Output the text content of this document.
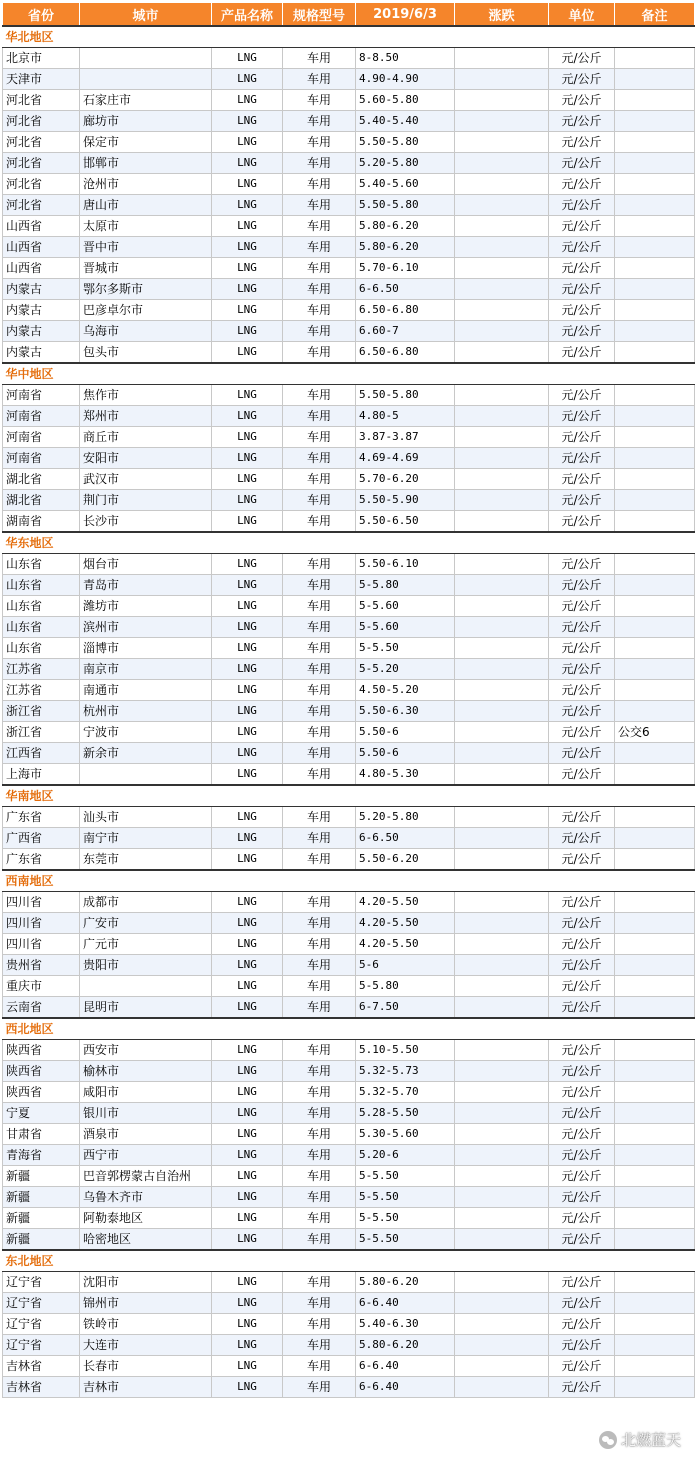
省份	城市	产品名称	规格型号	2019/6/3	涨跌	单位	备注
华北地区							
北京市		LNG	车用	8-8.50		元/公斤	
天津市		LNG	车用	4.90-4.90		元/公斤	
河北省	石家庄市	LNG	车用	5.60-5.80		元/公斤	
河北省	廊坊市	LNG	车用	5.40-5.40		元/公斤	
河北省	保定市	LNG	车用	5.50-5.80		元/公斤	
河北省	邯郸市	LNG	车用	5.20-5.80		元/公斤	
河北省	沧州市	LNG	车用	5.40-5.60		元/公斤	
河北省	唐山市	LNG	车用	5.50-5.80		元/公斤	
山西省	太原市	LNG	车用	5.80-6.20		元/公斤	
山西省	晋中市	LNG	车用	5.80-6.20		元/公斤	
山西省	晋城市	LNG	车用	5.70-6.10		元/公斤	
内蒙古	鄂尔多斯市	LNG	车用	6-6.50		元/公斤	
内蒙古	巴彦卓尔市	LNG	车用	6.50-6.80		元/公斤	
内蒙古	乌海市	LNG	车用	6.60-7		元/公斤	
内蒙古	包头市	LNG	车用	6.50-6.80		元/公斤	
华中地区							
河南省	焦作市	LNG	车用	5.50-5.80		元/公斤	
河南省	郑州市	LNG	车用	4.80-5		元/公斤	
河南省	商丘市	LNG	车用	3.87-3.87		元/公斤	
河南省	安阳市	LNG	车用	4.69-4.69		元/公斤	
湖北省	武汉市	LNG	车用	5.70-6.20		元/公斤	
湖北省	荆门市	LNG	车用	5.50-5.90		元/公斤	
湖南省	长沙市	LNG	车用	5.50-6.50		元/公斤	
华东地区							
山东省	烟台市	LNG	车用	5.50-6.10		元/公斤	
山东省	青岛市	LNG	车用	5-5.80		元/公斤	
山东省	潍坊市	LNG	车用	5-5.60		元/公斤	
山东省	滨州市	LNG	车用	5-5.60		元/公斤	
山东省	淄博市	LNG	车用	5-5.50		元/公斤	
江苏省	南京市	LNG	车用	5-5.20		元/公斤	
江苏省	南通市	LNG	车用	4.50-5.20		元/公斤	
浙江省	杭州市	LNG	车用	5.50-6.30		元/公斤	
浙江省	宁波市	LNG	车用	5.50-6		元/公斤	公交6
江西省	新余市	LNG	车用	5.50-6		元/公斤	
上海市		LNG	车用	4.80-5.30		元/公斤	
华南地区							
广东省	汕头市	LNG	车用	5.20-5.80		元/公斤	
广西省	南宁市	LNG	车用	6-6.50		元/公斤	
广东省	东莞市	LNG	车用	5.50-6.20		元/公斤	
西南地区							
四川省	成都市	LNG	车用	4.20-5.50		元/公斤	
四川省	广安市	LNG	车用	4.20-5.50		元/公斤	
四川省	广元市	LNG	车用	4.20-5.50		元/公斤	
贵州省	贵阳市	LNG	车用	5-6		元/公斤	
重庆市		LNG	车用	5-5.80		元/公斤	
云南省	昆明市	LNG	车用	6-7.50		元/公斤	
西北地区							
陕西省	西安市	LNG	车用	5.10-5.50		元/公斤	
陕西省	榆林市	LNG	车用	5.32-5.73		元/公斤	
陕西省	咸阳市	LNG	车用	5.32-5.70		元/公斤	
宁夏	银川市	LNG	车用	5.28-5.50		元/公斤	
甘肃省	酒泉市	LNG	车用	5.30-5.60		元/公斤	
青海省	西宁市	LNG	车用	5.20-6		元/公斤	
新疆	巴音郭楞蒙古自治州	LNG	车用	5-5.50		元/公斤	
新疆	乌鲁木齐市	LNG	车用	5-5.50		元/公斤	
新疆	阿勒泰地区	LNG	车用	5-5.50		元/公斤	
新疆	哈密地区	LNG	车用	5-5.50		元/公斤	
东北地区							
辽宁省	沈阳市	LNG	车用	5.80-6.20		元/公斤	
辽宁省	锦州市	LNG	车用	6-6.40		元/公斤	
辽宁省	铁岭市	LNG	车用	5.40-6.30		元/公斤	
辽宁省	大连市	LNG	车用	5.80-6.20		元/公斤	
吉林省	长春市	LNG	车用	6-6.40		元/公斤	
吉林省	吉林市	LNG	车用	6-6.40		元/公斤	
北燃蓝天
